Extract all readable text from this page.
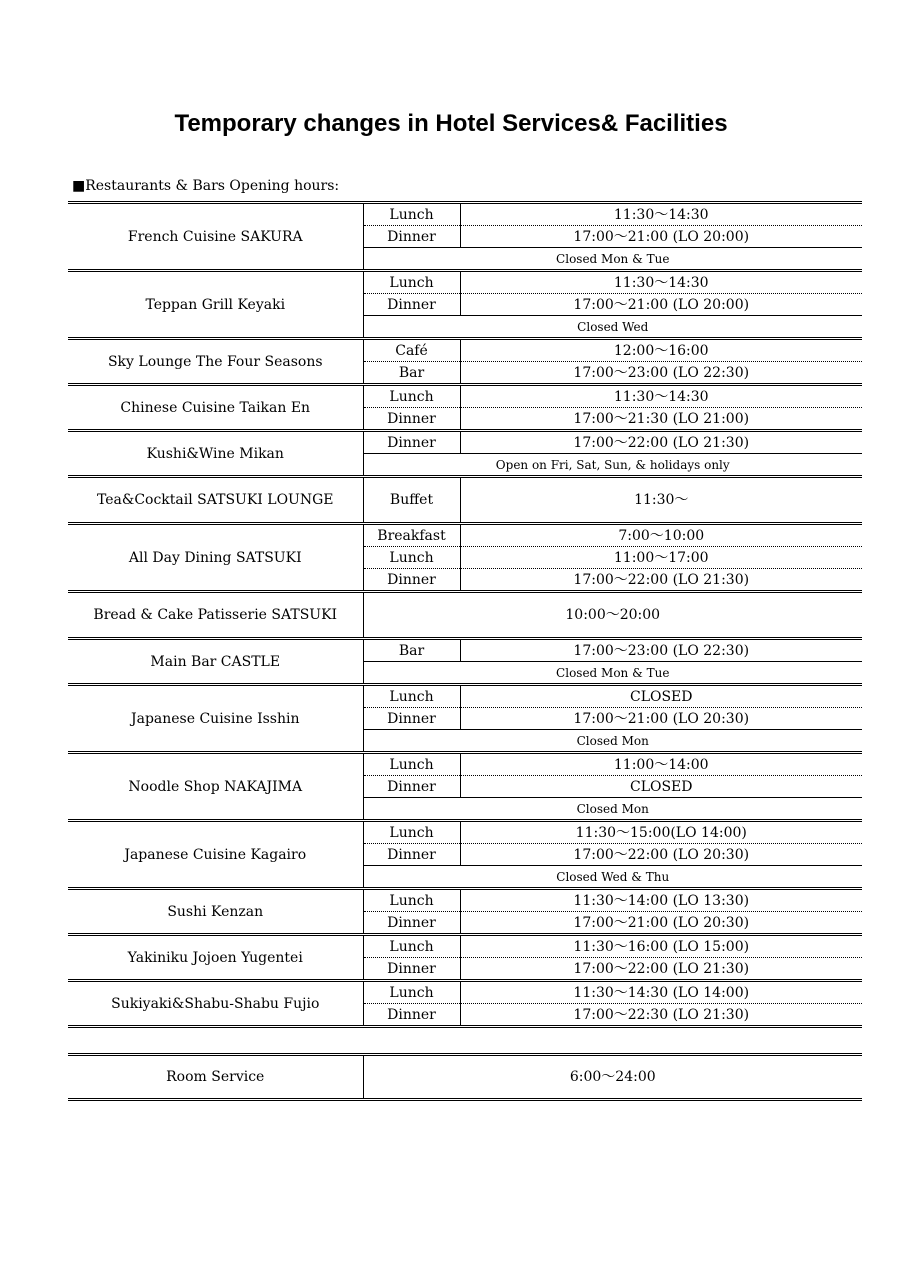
Temporary changes in Hotel Services& Facilities
■Restaurants & Bars Opening hours:
French Cuisine SAKURA	Lunch	11:30〜14:30
	Dinner	17:00〜21:00 (LO 20:00)
	Closed Mon & Tue	
Teppan Grill Keyaki	Lunch	11:30〜14:30
	Dinner	17:00〜21:00 (LO 20:00)
	Closed Wed	
Sky Lounge The Four Seasons	Café	12:00〜16:00
	Bar	17:00〜23:00 (LO 22:30)
Chinese Cuisine Taikan En	Lunch	11:30〜14:30
	Dinner	17:00〜21:30 (LO 21:00)
Kushi&Wine Mikan	Dinner	17:00〜22:00 (LO 21:30)
	Open on Fri, Sat, Sun, & holidays only	
Tea&Cocktail SATSUKI LOUNGE	Buffet	11:30〜
All Day Dining SATSUKI	Breakfast	7:00〜10:00
	Lunch	11:00〜17:00
	Dinner	17:00〜22:00 (LO 21:30)
Bread & Cake Patisserie SATSUKI	10:00〜20:00	
Main Bar CASTLE	Bar	17:00〜23:00 (LO 22:30)
	Closed Mon & Tue	
Japanese Cuisine Isshin	Lunch	CLOSED
	Dinner	17:00〜21:00 (LO 20:30)
	Closed Mon	
Noodle Shop NAKAJIMA	Lunch	11:00〜14:00
	Dinner	CLOSED
	Closed Mon	
Japanese Cuisine Kagairo	Lunch	11:30〜15:00(LO 14:00)
	Dinner	17:00〜22:00 (LO 20:30)
	Closed Wed & Thu	
Sushi Kenzan	Lunch	11:30〜14:00 (LO 13:30)
	Dinner	17:00〜21:00 (LO 20:30)
Yakiniku Jojoen Yugentei	Lunch	11:30〜16:00 (LO 15:00)
	Dinner	17:00〜22:00 (LO 21:30)
Sukiyaki&Shabu-Shabu Fujio	Lunch	11:30〜14:30 (LO 14:00)
	Dinner	17:00〜22:30 (LO 21:30)
Room Service	6:00〜24:00
